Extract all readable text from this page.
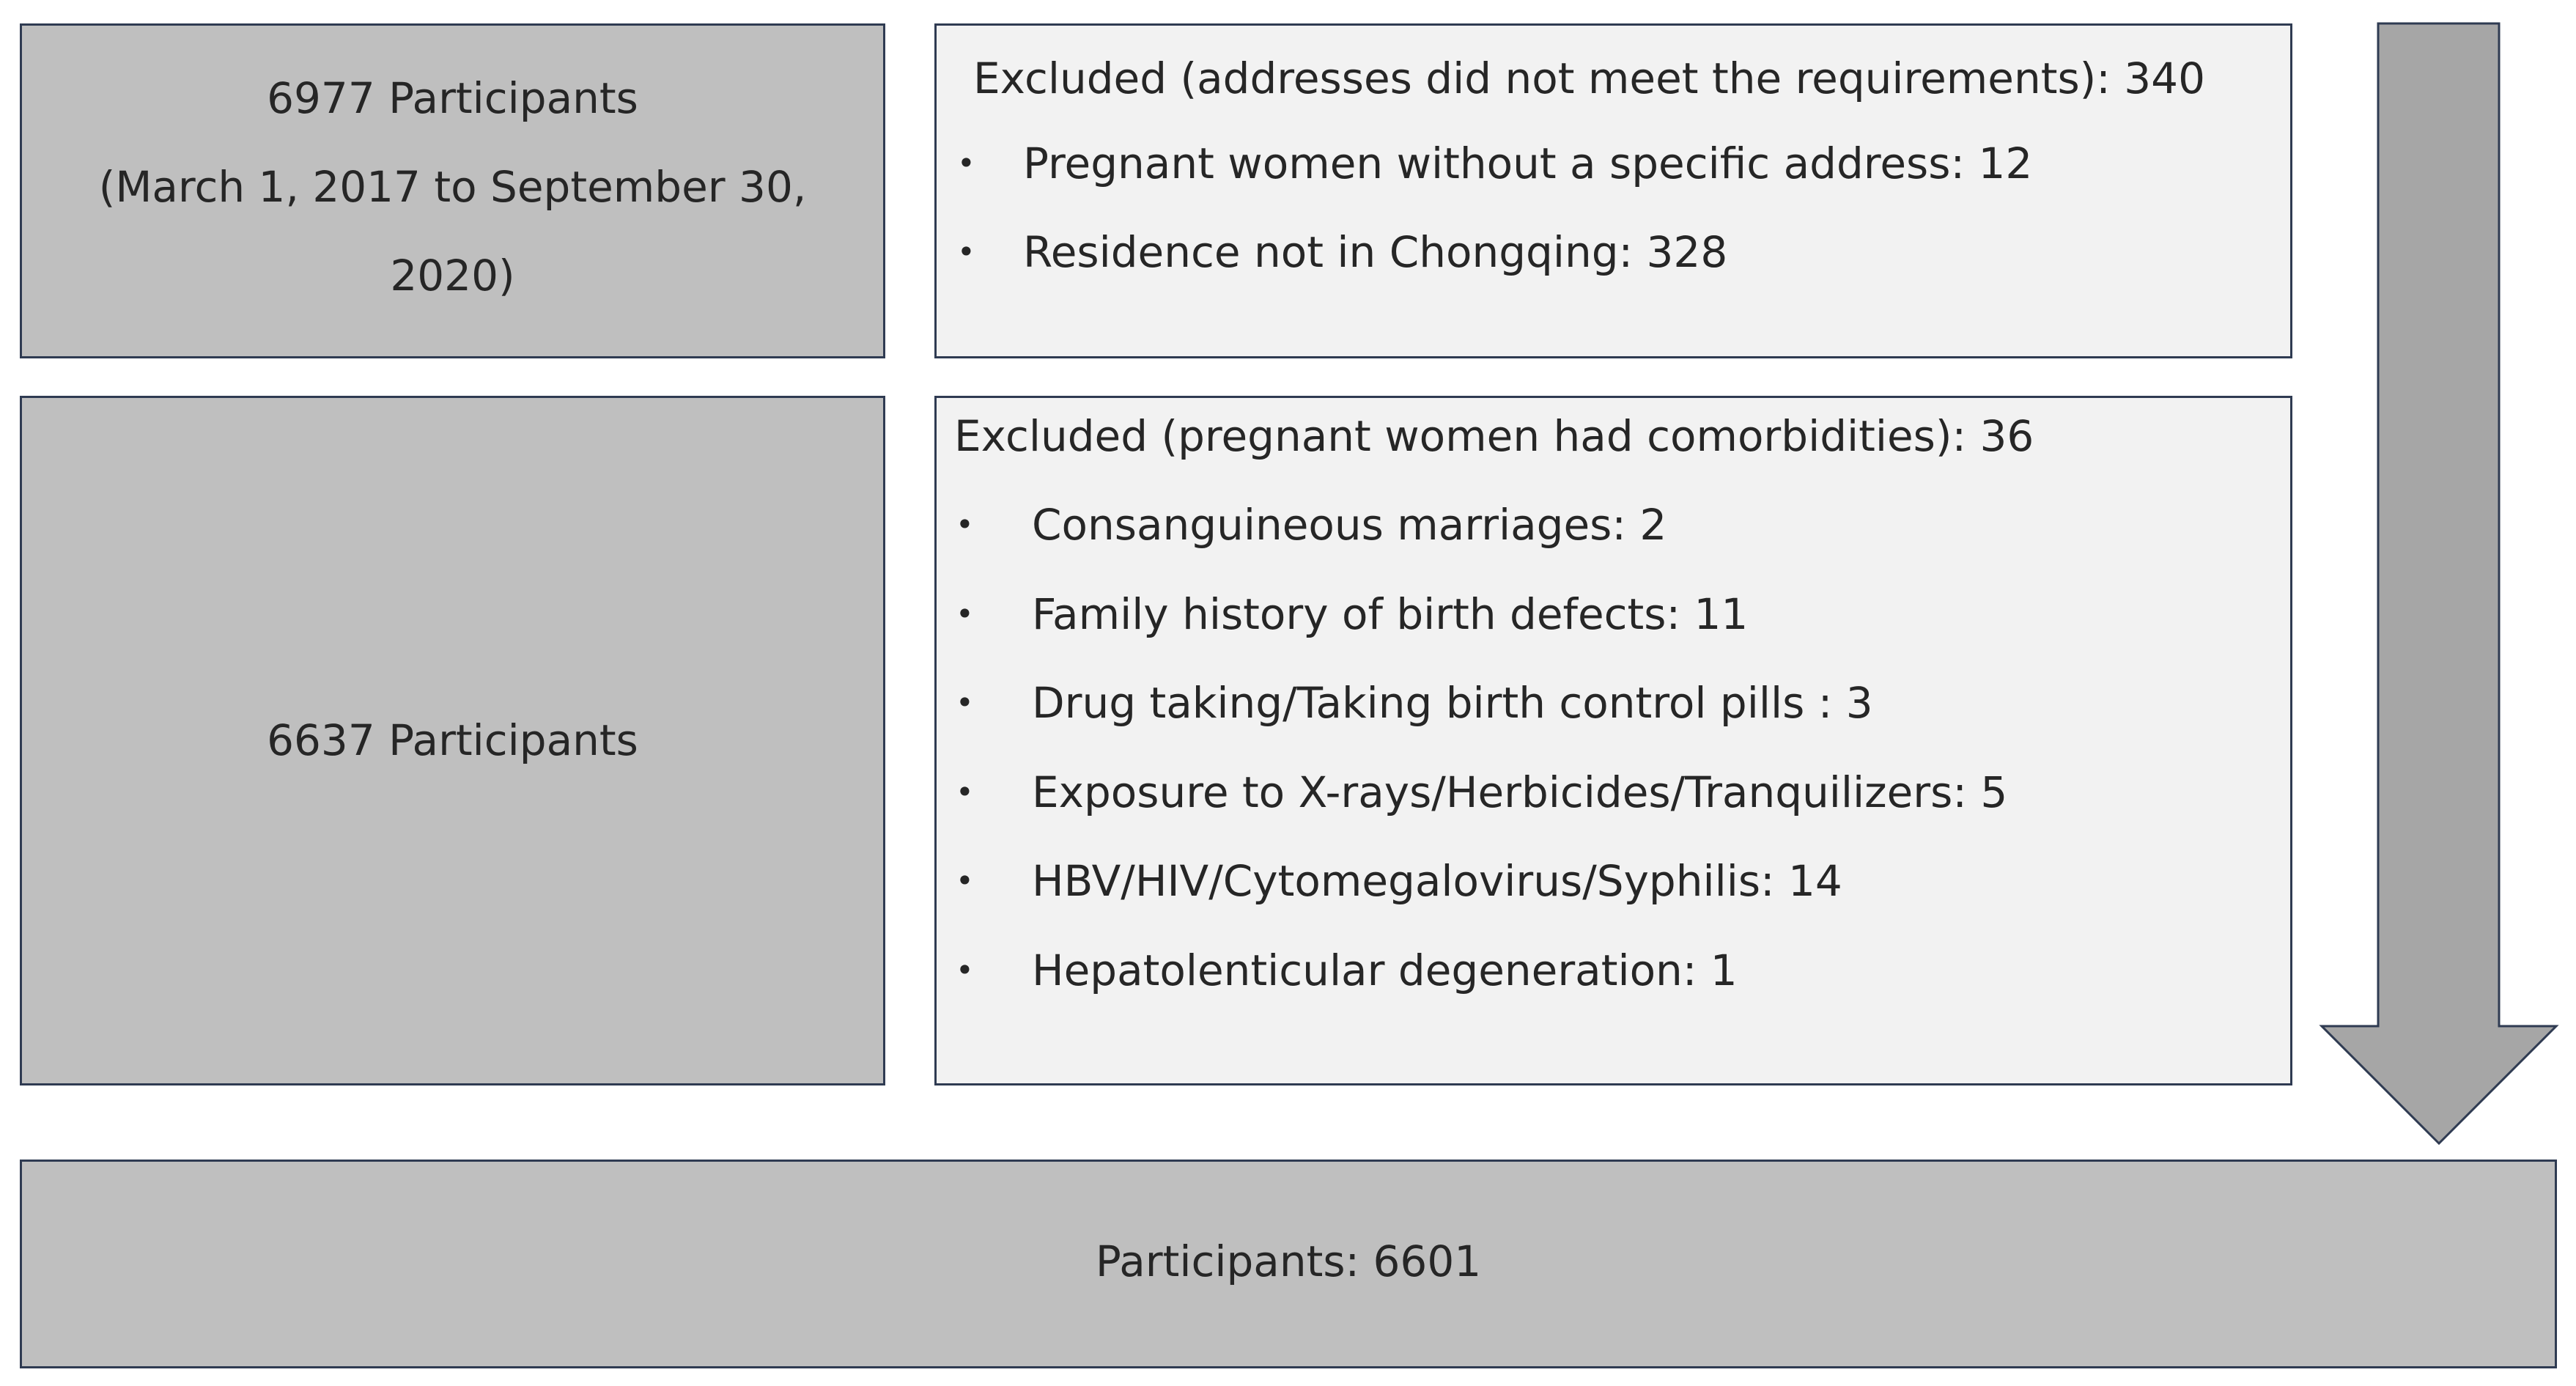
6977 Participants
(March 1, 2017 to September 30,
2020)
Excluded (addresses did not meet the requirements): 340
• Pregnant women without a specific address: 12
• Residence not in Chongqing: 328
6637 Participants
Excluded (pregnant women had comorbidities): 36
• Consanguineous marriages: 2
• Family history of birth defects: 11
• Drug taking/Taking birth control pills : 3
• Exposure to X-rays/Herbicides/Tranquilizers: 5
• HBV/HIV/Cytomegalovirus/Syphilis: 14
• Hepatolenticular degeneration: 1
Participants: 6601
